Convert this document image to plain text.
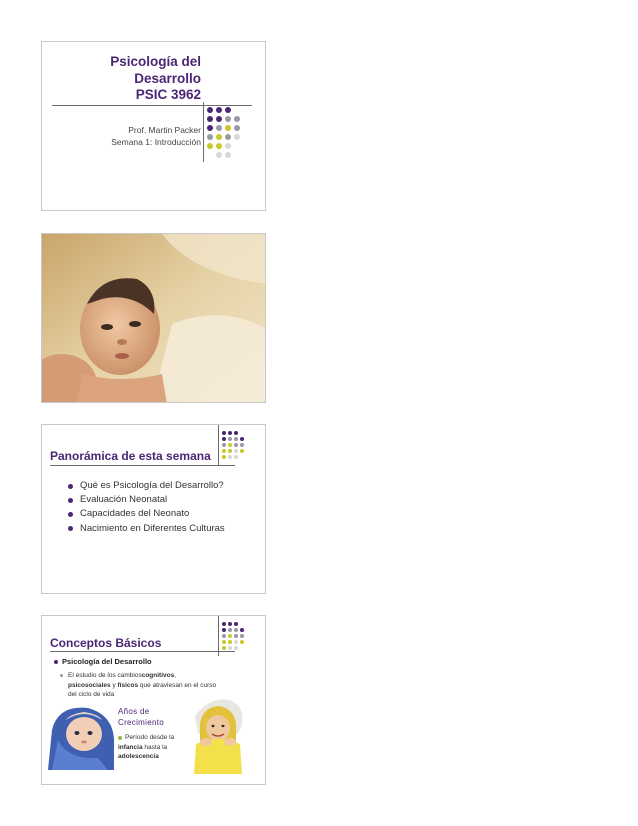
Psicología del
Desarrollo
PSIC 3962
Prof. Martin Packer
Semana 1: Introducción
Panorámica de esta semana
Qué es Psicología del Desarrollo?
Evaluación Neonatal
Capacidades del Neonato
Nacimiento en Diferentes Culturas
Conceptos Básicos
Psicología del Desarrollo
El estudio de los cambios cognitivos ,
psicosociales y físicos que atraviesan en el curso
del ciclo de vida
Años de
Crecimiento
Período desde la
infancia hasta la
adolescencia
